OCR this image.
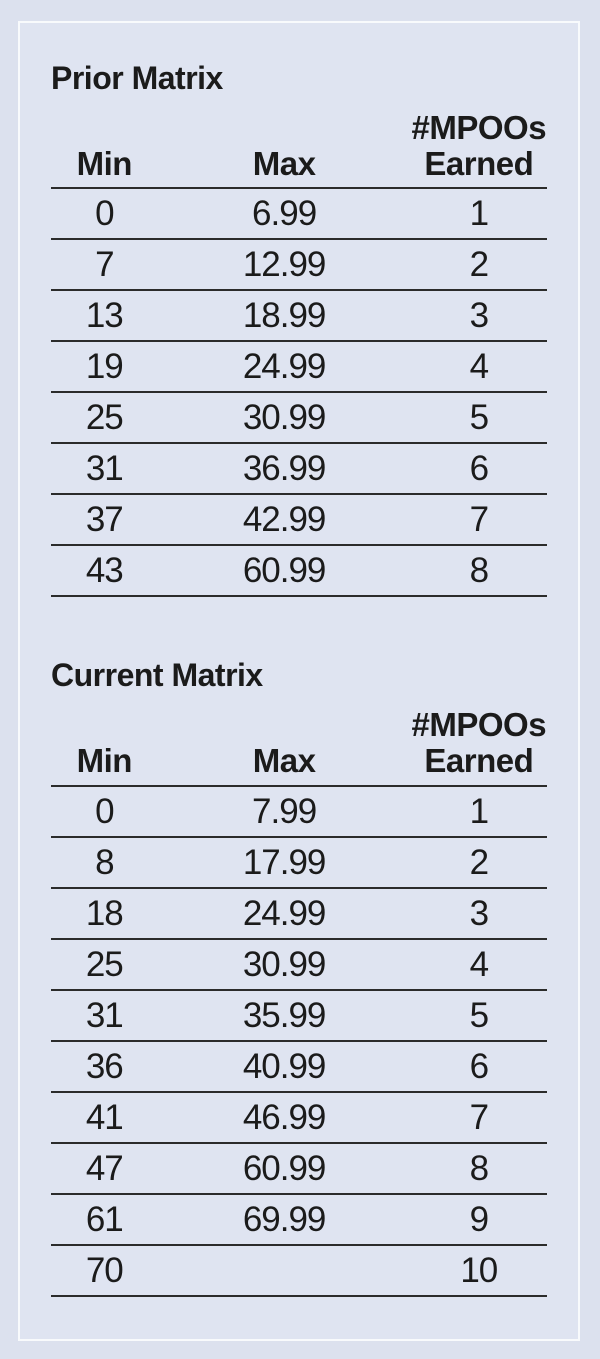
Prior Matrix
Min	Max	#MPOOs
Earned
0	6.99	1
7	12.99	2
13	18.99	3
19	24.99	4
25	30.99	5
31	36.99	6
37	42.99	7
43	60.99	8
Current Matrix
Min	Max	#MPOOs
Earned
0	7.99	1
8	17.99	2
18	24.99	3
25	30.99	4
31	35.99	5
36	40.99	6
41	46.99	7
47	60.99	8
61	69.99	9
70		10
